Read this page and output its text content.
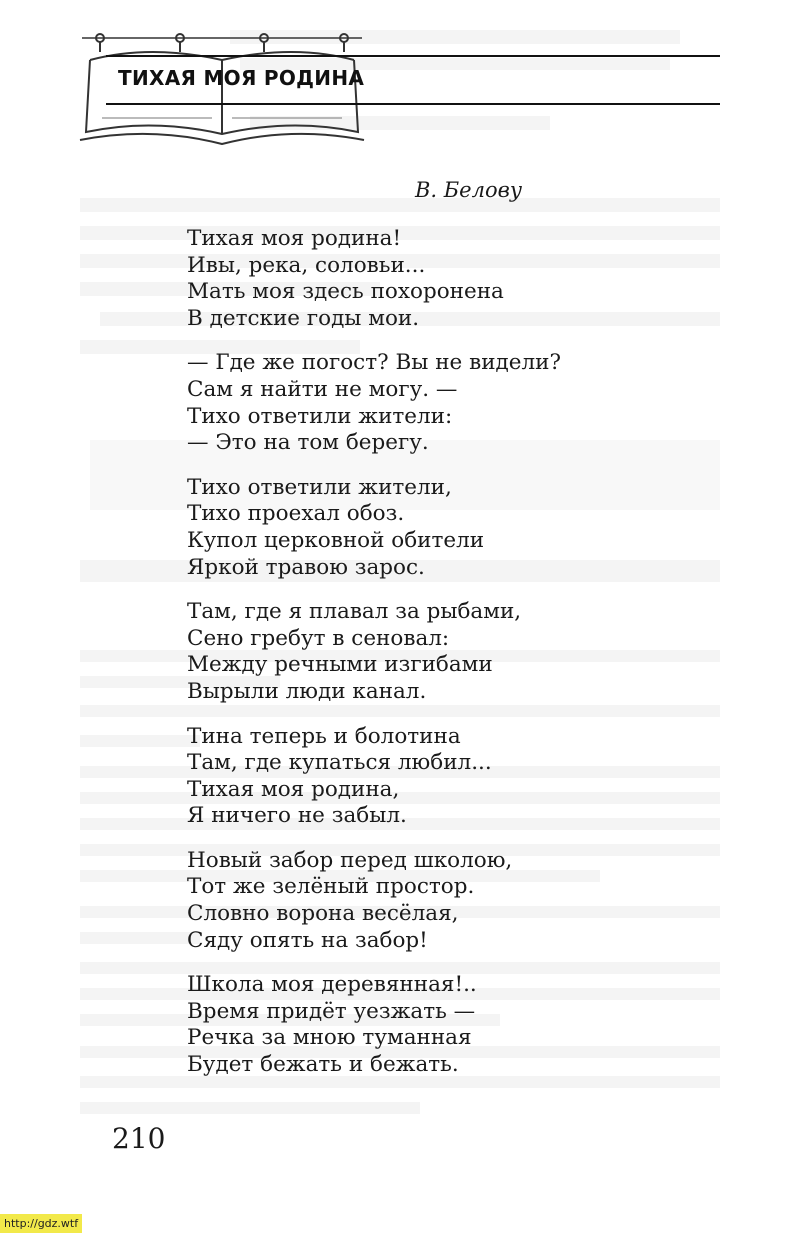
ТИХАЯ МОЯ РОДИНА

В. Белову

Тихая моя родина!
Ивы, река, соловьи...
Мать моя здесь похоронена
В детские годы мои.
— Где же погост? Вы не видели?
Сам я найти не могу. —
Тихо ответили жители:
— Это на том берегу.
Тихо ответили жители,
Тихо проехал обоз.
Купол церковной обители
Яркой травою зарос.
Там, где я плавал за рыбами,
Сено гребут в сеновал:
Между речными изгибами
Вырыли люди канал.
Тина теперь и болотина
Там, где купаться любил...
Тихая моя родина,
Я ничего не забыл.
Новый забор перед школою,
Тот же зелёный простор.
Словно ворона весёлая,
Сяду опять на забор!
Школа моя деревянная!..
Время придёт уезжать —
Речка за мною туманная
Будет бежать и бежать.

210

http://gdz.wtf
